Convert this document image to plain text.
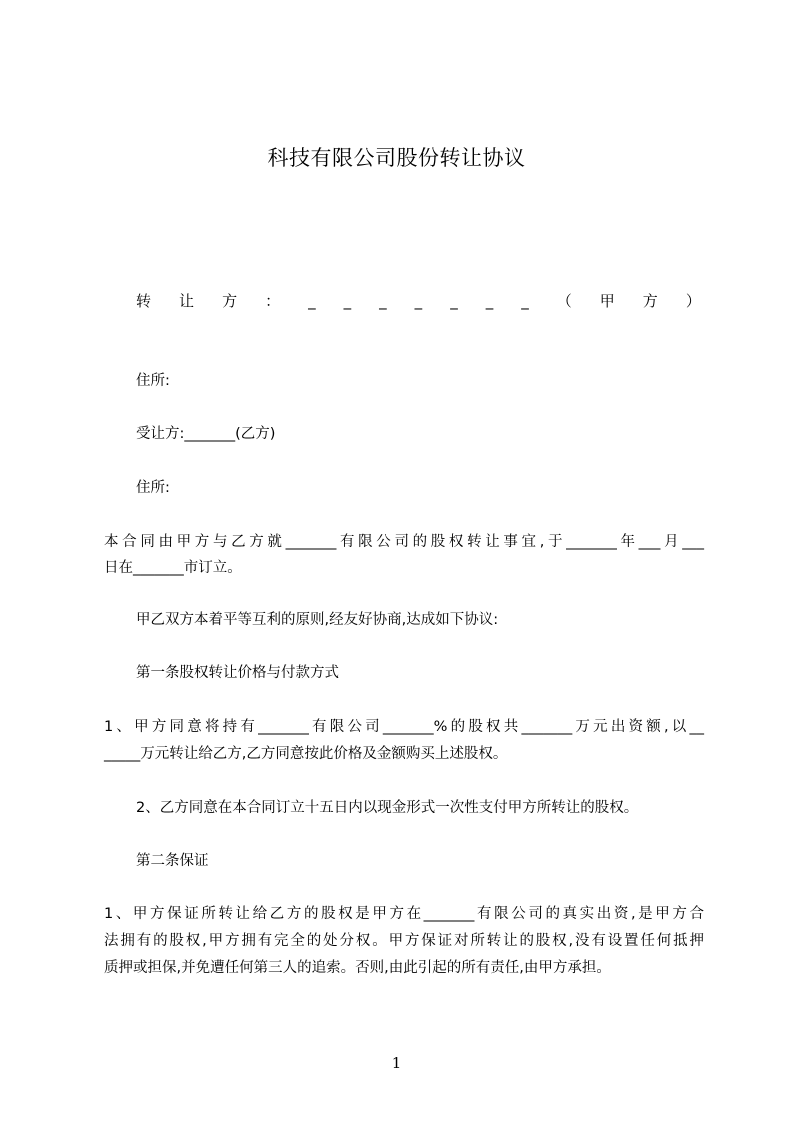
科技有限公司股份转让协议
转 让 方 ： _ _ _ _ _ _ _ （ 甲 方 ）
住所:
受让方:_______(乙方)
住所:
本合同由甲方与乙方就_______有限公司的股权转让事宜,于_______年___月___
日在_______市订立。
甲乙双方本着平等互利的原则,经友好协商,达成如下协议:
第一条股权转让价格与付款方式
1、甲方同意将持有_______有限公司_______%的股权共_______万元出资额,以__
_____万元转让给乙方,乙方同意按此价格及金额购买上述股权。
2、乙方同意在本合同订立十五日内以现金形式一次性支付甲方所转让的股权。
第二条保证
1、甲方保证所转让给乙方的股权是甲方在_______有限公司的真实出资,是甲方合
法拥有的股权,甲方拥有完全的处分权。甲方保证对所转让的股权,没有设置任何抵押
质押或担保,并免遭任何第三人的追索。否则,由此引起的所有责任,由甲方承担。
1
